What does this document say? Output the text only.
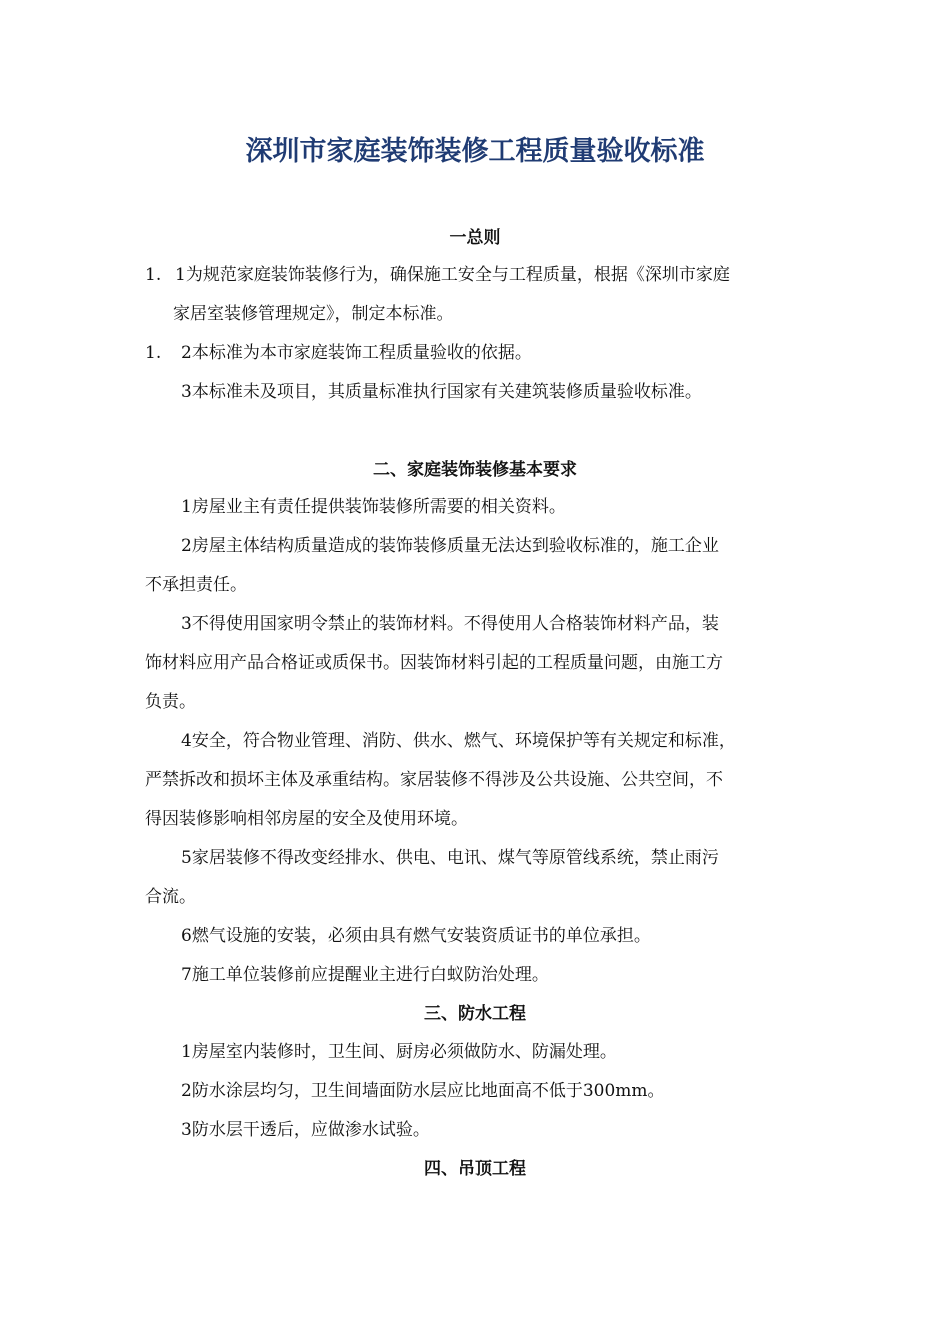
深圳市家庭装饰装修工程质量验收标准
一总则

1. 1为规范家庭装饰装修行为，确保施工安全与工程质量，根据《深圳市家庭

家居室装修管理规定》，制定本标准。

1. 2本标准为本市家庭装饰工程质量验收的依据。

3本标准未及项目，其质量标准执行国家有关建筑装修质量验收标准。

二、家庭装饰装修基本要求

1房屋业主有责任提供装饰装修所需要的相关资料。

2房屋主体结构质量造成的装饰装修质量无法达到验收标准的，施工企业

不承担责任。

3不得使用国家明令禁止的装饰材料。不得使用人合格装饰材料产品，装

饰材料应用产品合格证或质保书。因装饰材料引起的工程质量问题，由施工方

负责。

4安全，符合物业管理、消防、供水、燃气、环境保护等有关规定和标准，

严禁拆改和损坏主体及承重结构。家居装修不得涉及公共设施、公共空间，不

得因装修影响相邻房屋的安全及使用环境。

5家居装修不得改变经排水、供电、电讯、煤气等原管线系统，禁止雨污

合流。

6燃气设施的安装，必须由具有燃气安装资质证书的单位承担。

7施工单位装修前应提醒业主进行白蚁防治处理。

三、防水工程

1房屋室内装修时，卫生间、厨房必须做防水、防漏处理。

2防水涂层均匀，卫生间墙面防水层应比地面高不低于300mm。

3防水层干透后，应做渗水试验。

四、吊顶工程
